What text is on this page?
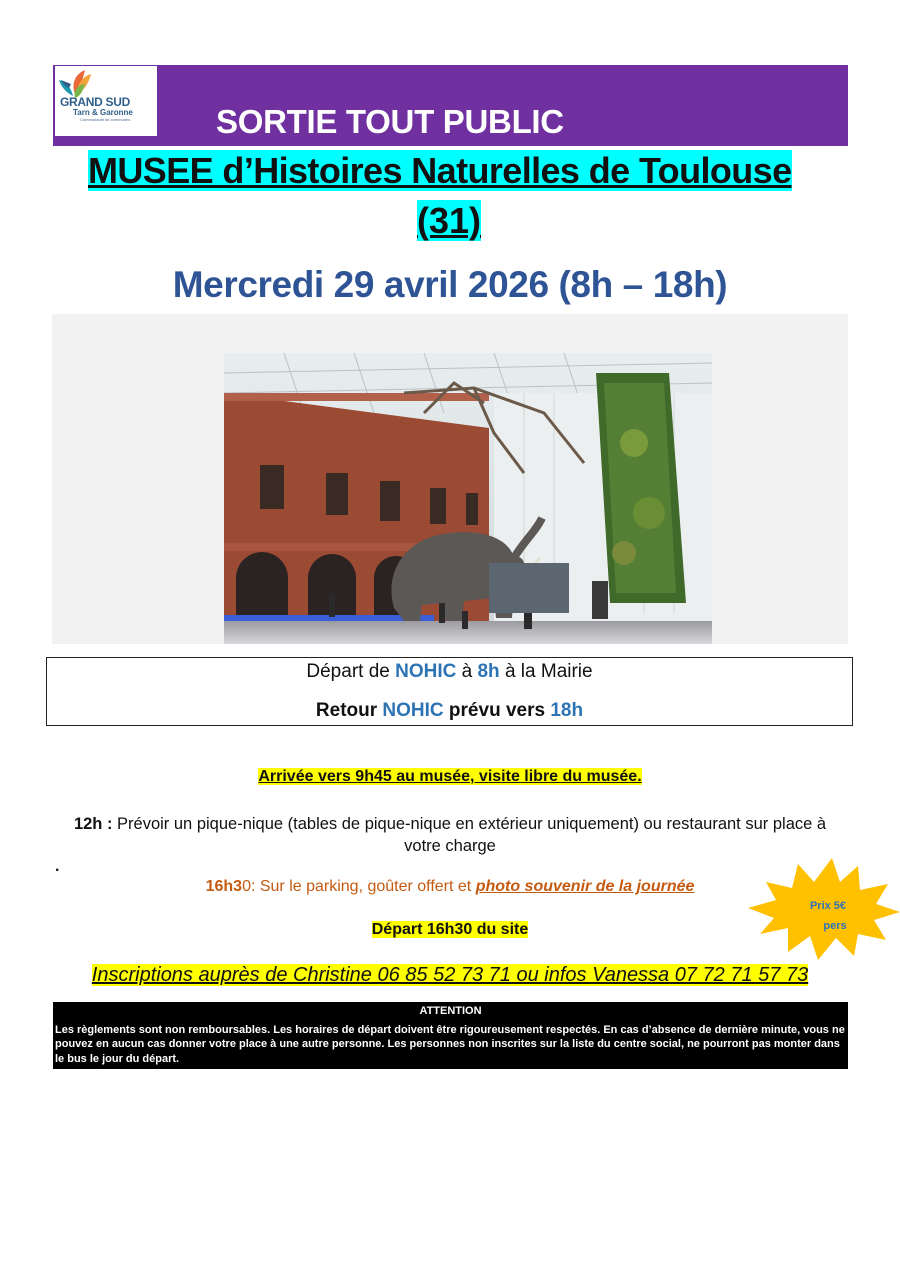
GRAND SUD
Tarn & Garonne
Communauté de communes	SORTIE TOUT PUBLIC
MUSEE d’Histoires Naturelles de Toulouse
(31)
Mercredi 29 avril 2026 (8h – 18h)
Départ de NOHIC à 8h à la Mairie
Retour NOHIC prévu vers 18h
Arrivée vers 9h45 au musée, visite libre du musée.
12h : Prévoir un pique-nique (tables de pique-nique en extérieur uniquement) ou restaurant sur place à votre charge
.
16h30: Sur le parking, goûter offert et photo souvenir de la journée
Départ 16h30 du site
Inscriptions auprès de Christine 06 85 52 73 71 ou infos Vanessa 07 72 71 57 73
Prix 5€
pers
ATTENTION
Les règlements sont non remboursables. Les horaires de départ doivent être rigoureusement respectés. En cas d’absence de dernière minute, vous ne pouvez en aucun cas donner votre place à une autre personne. Les personnes non inscrites sur la liste du centre social, ne pourront pas monter dans le bus le jour du départ.
